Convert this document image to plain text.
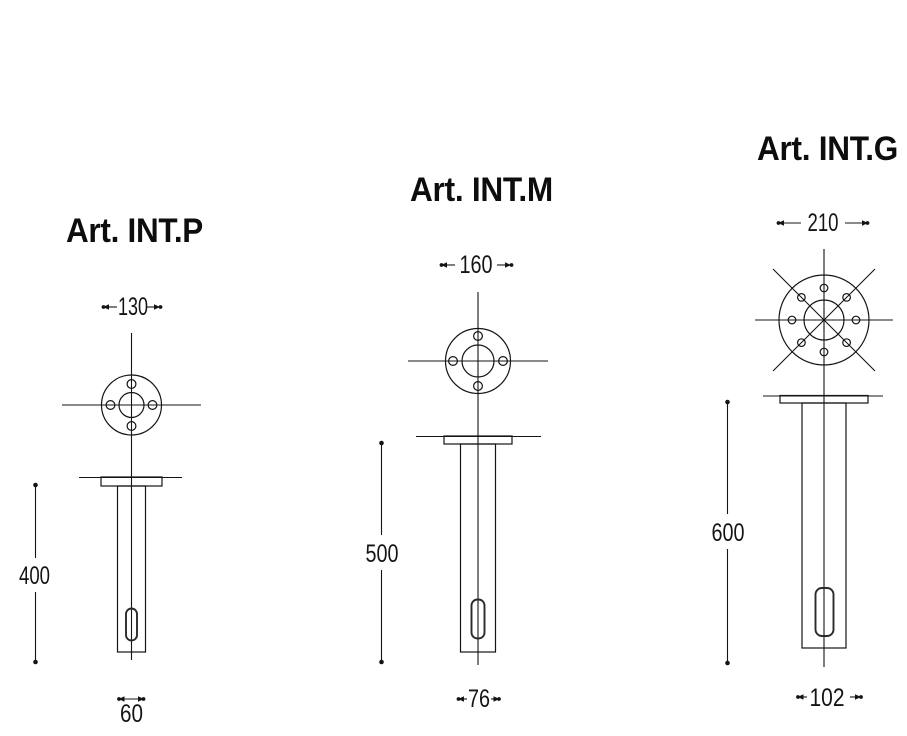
Art. INT.P
130
400
60
Art. INT.M
160
500
76
Art. INT.G
210
600
102
